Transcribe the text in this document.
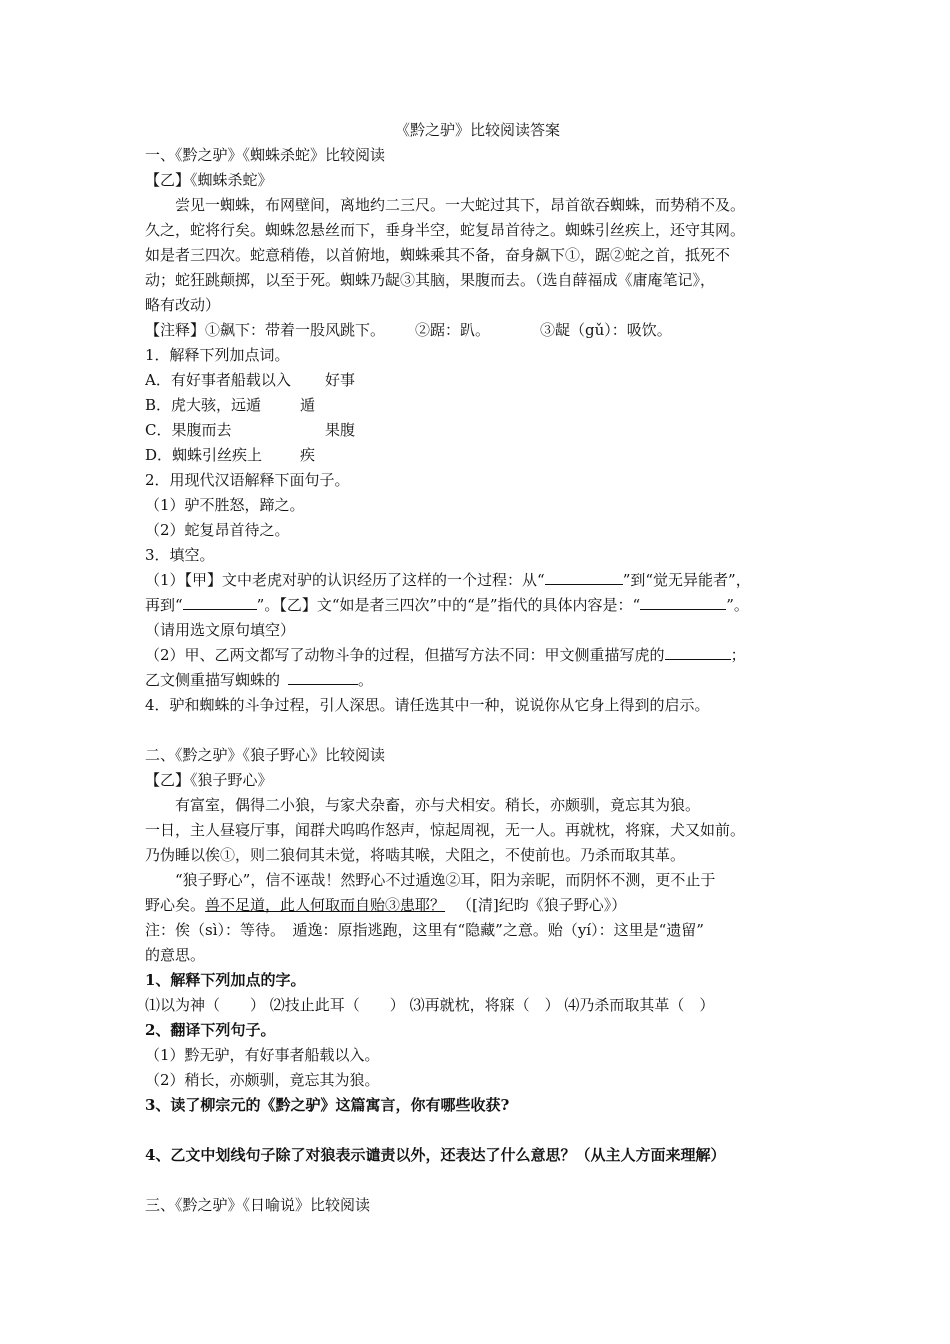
《黔之驴》比较阅读答案
一、《黔之驴》《蜘蛛杀蛇》比较阅读
【乙】《蜘蛛杀蛇》
尝见一蜘蛛，布网壁间，离地约二三尺。一大蛇过其下，昂首欲吞蜘蛛，而势稍不及。
久之，蛇将行矣。蜘蛛忽悬丝而下，垂身半空，蛇复昂首待之。蜘蛛引丝疾上，还守其网。
如是者三四次。蛇意稍倦，以首俯地，蜘蛛乘其不备，奋身飙下①，踞②蛇之首，抵死不
动；蛇狂跳颠掷，以至于死。蜘蛛乃龊③其脑，果腹而去。（选自薛福成《庸庵笔记》，
略有改动）
【注释】①飙下：带着一股风跳下。 ②踞：趴。	③龊（gǔ）：吸饮。
1．解释下列加点词。
A．有好事者船载以入 好事
B．虎大骇，远遁	遁
C．果腹而去	果腹
D．蜘蛛引丝疾上	疾
2．用现代汉语解释下面句子。
（1）驴不胜怒，蹄之。
（2）蛇复昂首待之。
3．填空。
（1）【甲】文中老虎对驴的认识经历了这样的一个过程：从“	”到“觉无异能者”，
再到“	”。【乙】文“如是者三四次”中的“是”指代的具体内容是：“	”。
（请用选文原句填空）
（2）甲、乙两文都写了动物斗争的过程，但描写方法不同：甲文侧重描写虎的	；
乙文侧重描写蜘蛛的	。
4．驴和蜘蛛的斗争过程，引人深思。请任选其中一种，说说你从它身上得到的启示。
二、《黔之驴》《狼子野心》比较阅读
【乙】《狼子野心》
有富室，偶得二小狼，与家犬杂畜，亦与犬相安。稍长，亦颇驯，竟忘其为狼。
一日，主人昼寝厅事，闻群犬呜呜作怒声，惊起周视，无一人。再就枕，将寐，犬又如前。
乃伪睡以俟①，则二狼伺其未觉，将啮其喉，犬阻之，不使前也。乃杀而取其革。
“狼子野心”，信不诬哉！然野心不过遁逸②耳，阳为亲昵，而阴怀不测，更不止于
野心矣。兽不足道，此人何取而自贻③患耶？ （[清]纪昀《狼子野心》）
注：俟（sì）：等待。　遁逸：原指逃跑，这里有“隐藏”之意。贻（yí）：这里是“遗留”
的意思。
1、解释下列加点的字。
⑴以为神（　　） ⑵技止此耳（　　） ⑶再就枕，将寐（　） ⑷乃杀而取其革（　）
2、翻译下列句子。
（1）黔无驴，有好事者船载以入。
（2）稍长，亦颇驯，竟忘其为狼。
3、读了柳宗元的《黔之驴》这篇寓言，你有哪些收获?
4、乙文中划线句子除了对狼表示谴责以外，还表达了什么意思？（从主人方面来理解）
三、《黔之驴》《日喻说》比较阅读
